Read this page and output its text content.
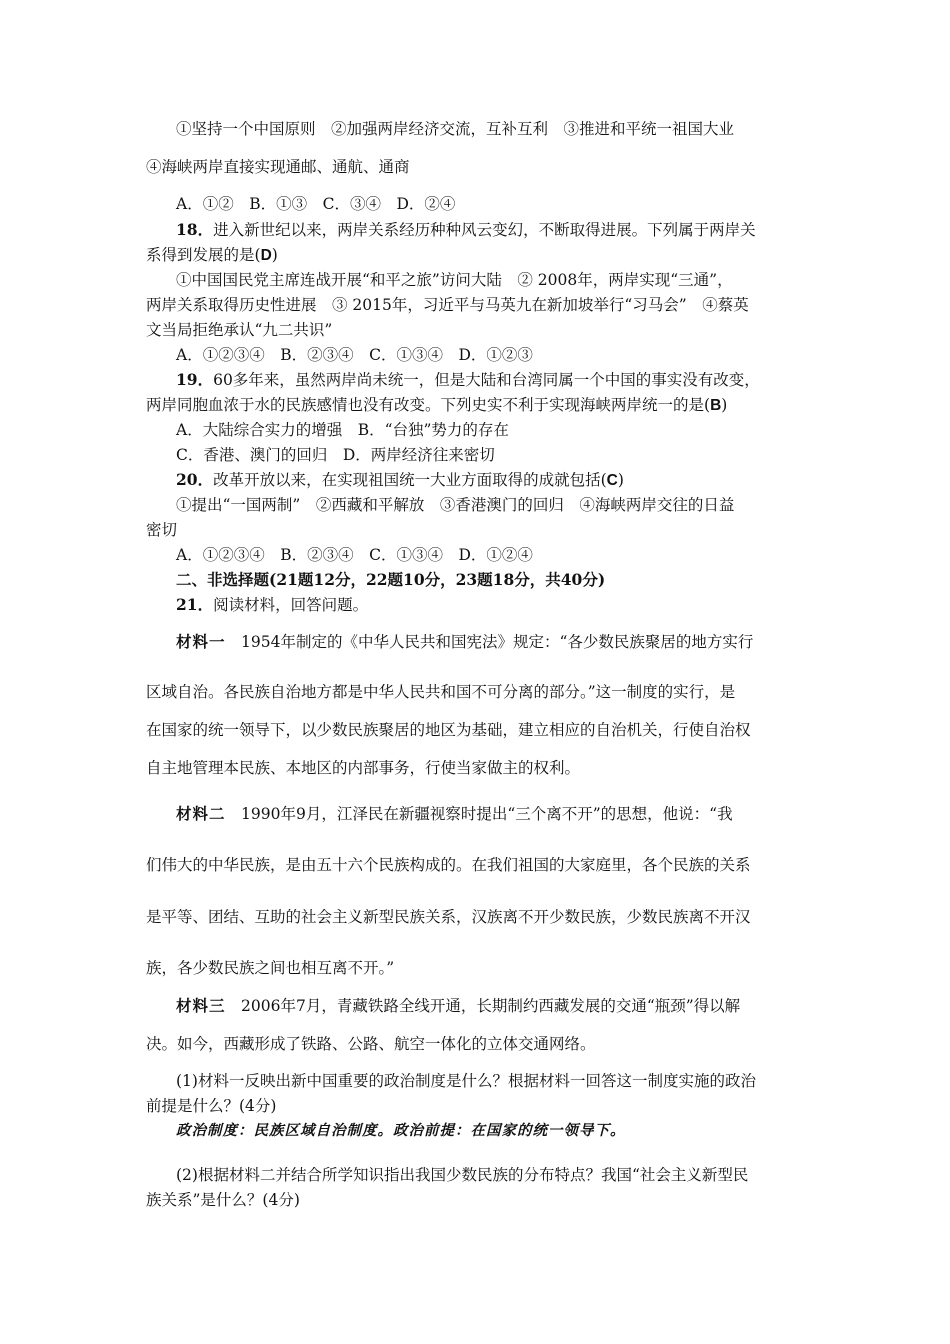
①坚持一个中国原则　②加强两岸经济交流，互补互利　③推进和平统一祖国大业
④海峡两岸直接实现通邮、通航、通商
A．①②　B．①③　C．③④　D．②④
18．进入新世纪以来，两岸关系经历种种风云变幻，不断取得进展。下列属于两岸关
系得到发展的是(D)
①中国国民党主席连战开展“和平之旅”访问大陆　② 2008年，两岸实现“三通”，
两岸关系取得历史性进展　③ 2015年，习近平与马英九在新加坡举行“习马会”　④蔡英
文当局拒绝承认“九二共识”
A．①②③④　B．②③④　C．①③④　D．①②③
19．60多年来，虽然两岸尚未统一，但是大陆和台湾同属一个中国的事实没有改变，
两岸同胞血浓于水的民族感情也没有改变。下列史实不利于实现海峡两岸统一的是(B)
A．大陆综合实力的增强　B．“台独”势力的存在
C．香港、澳门的回归　D．两岸经济往来密切
20．改革开放以来，在实现祖国统一大业方面取得的成就包括(C)
①提出“一国两制”　②西藏和平解放　③香港澳门的回归　④海峡两岸交往的日益
密切
A．①②③④　B．②③④　C．①③④　D．①②④
二、非选择题(21题12分，22题10分，23题18分，共40分)
21．阅读材料，回答问题。
材料一　1954年制定的《中华人民共和国宪法》规定：“各少数民族聚居的地方实行
区域自治。各民族自治地方都是中华人民共和国不可分离的部分。”这一制度的实行，是
在国家的统一领导下，以少数民族聚居的地区为基础，建立相应的自治机关，行使自治权
自主地管理本民族、本地区的内部事务，行使当家做主的权利。
材料二　1990年9月，江泽民在新疆视察时提出“三个离不开”的思想，他说：“我
们伟大的中华民族，是由五十六个民族构成的。在我们祖国的大家庭里，各个民族的关系
是平等、团结、互助的社会主义新型民族关系，汉族离不开少数民族，少数民族离不开汉
族，各少数民族之间也相互离不开。”
材料三　2006年7月，青藏铁路全线开通，长期制约西藏发展的交通“瓶颈”得以解
决。如今，西藏形成了铁路、公路、航空一体化的立体交通网络。
(1)材料一反映出新中国重要的政治制度是什么？根据材料一回答这一制度实施的政治
前提是什么？(4分)
政治制度：民族区域自治制度。政治前提：在国家的统一领导下。
(2)根据材料二并结合所学知识指出我国少数民族的分布特点？我国“社会主义新型民
族关系”是什么？(4分)
